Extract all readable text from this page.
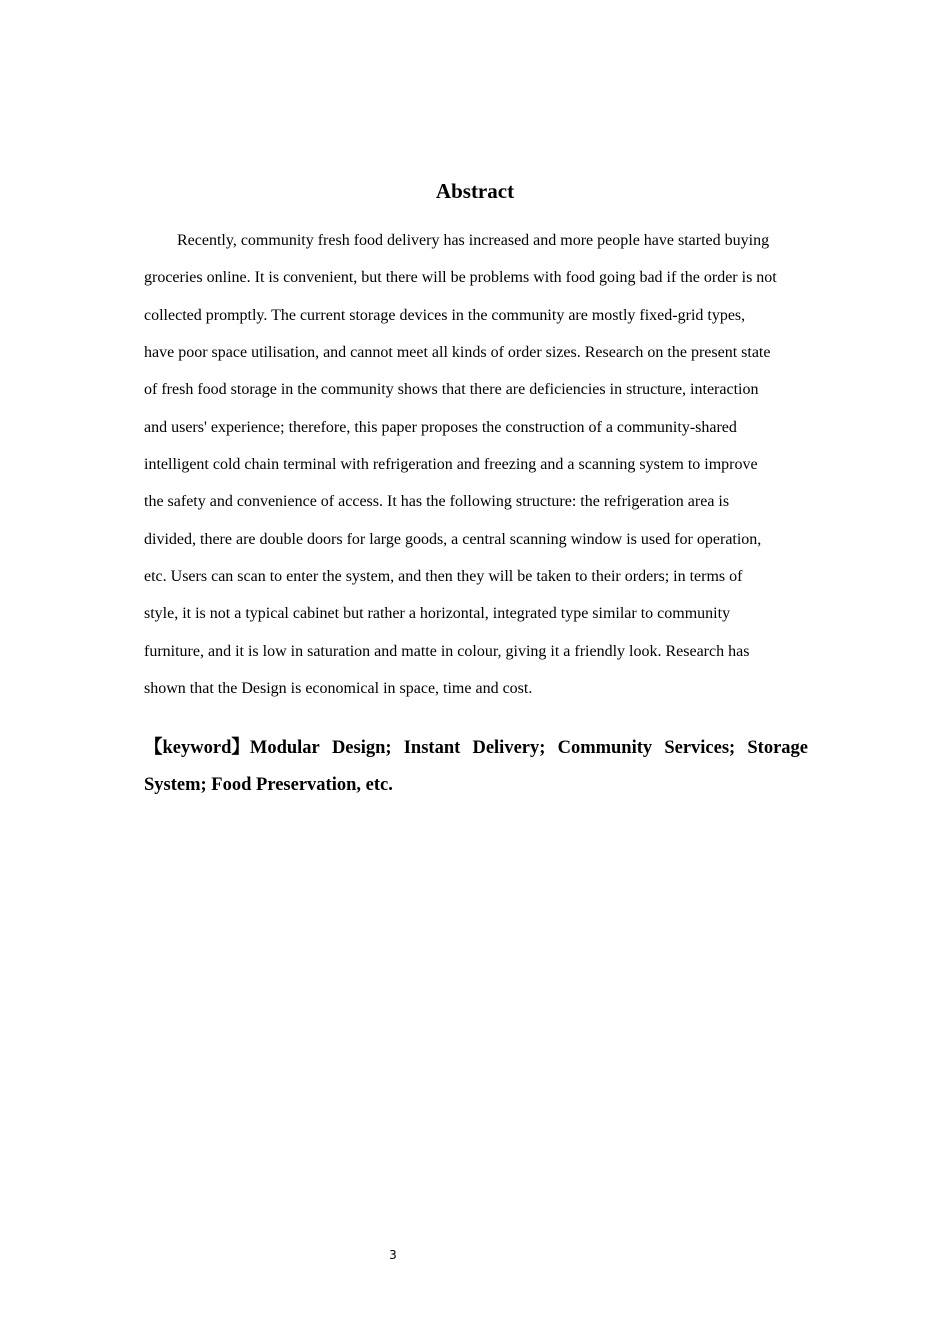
Abstract
Recently, community fresh food delivery has increased and more people have started buying
groceries online. It is convenient, but there will be problems with food going bad if the order is not
collected promptly. The current storage devices in the community are mostly fixed-grid types,
have poor space utilisation, and cannot meet all kinds of order sizes. Research on the present state
of fresh food storage in the community shows that there are deficiencies in structure, interaction
and users' experience; therefore, this paper proposes the construction of a community-shared
intelligent cold chain terminal with refrigeration and freezing and a scanning system to improve
the safety and convenience of access. It has the following structure: the refrigeration area is
divided, there are double doors for large goods, a central scanning window is used for operation,
etc. Users can scan to enter the system, and then they will be taken to their orders; in terms of
style, it is not a typical cabinet but rather a horizontal, integrated type similar to community
furniture, and it is low in saturation and matte in colour, giving it a friendly look. Research has
shown that the Design is economical in space, time and cost.
【keyword】Modular Design; Instant Delivery; Community Services; Storage
System; Food Preservation, etc.
3
